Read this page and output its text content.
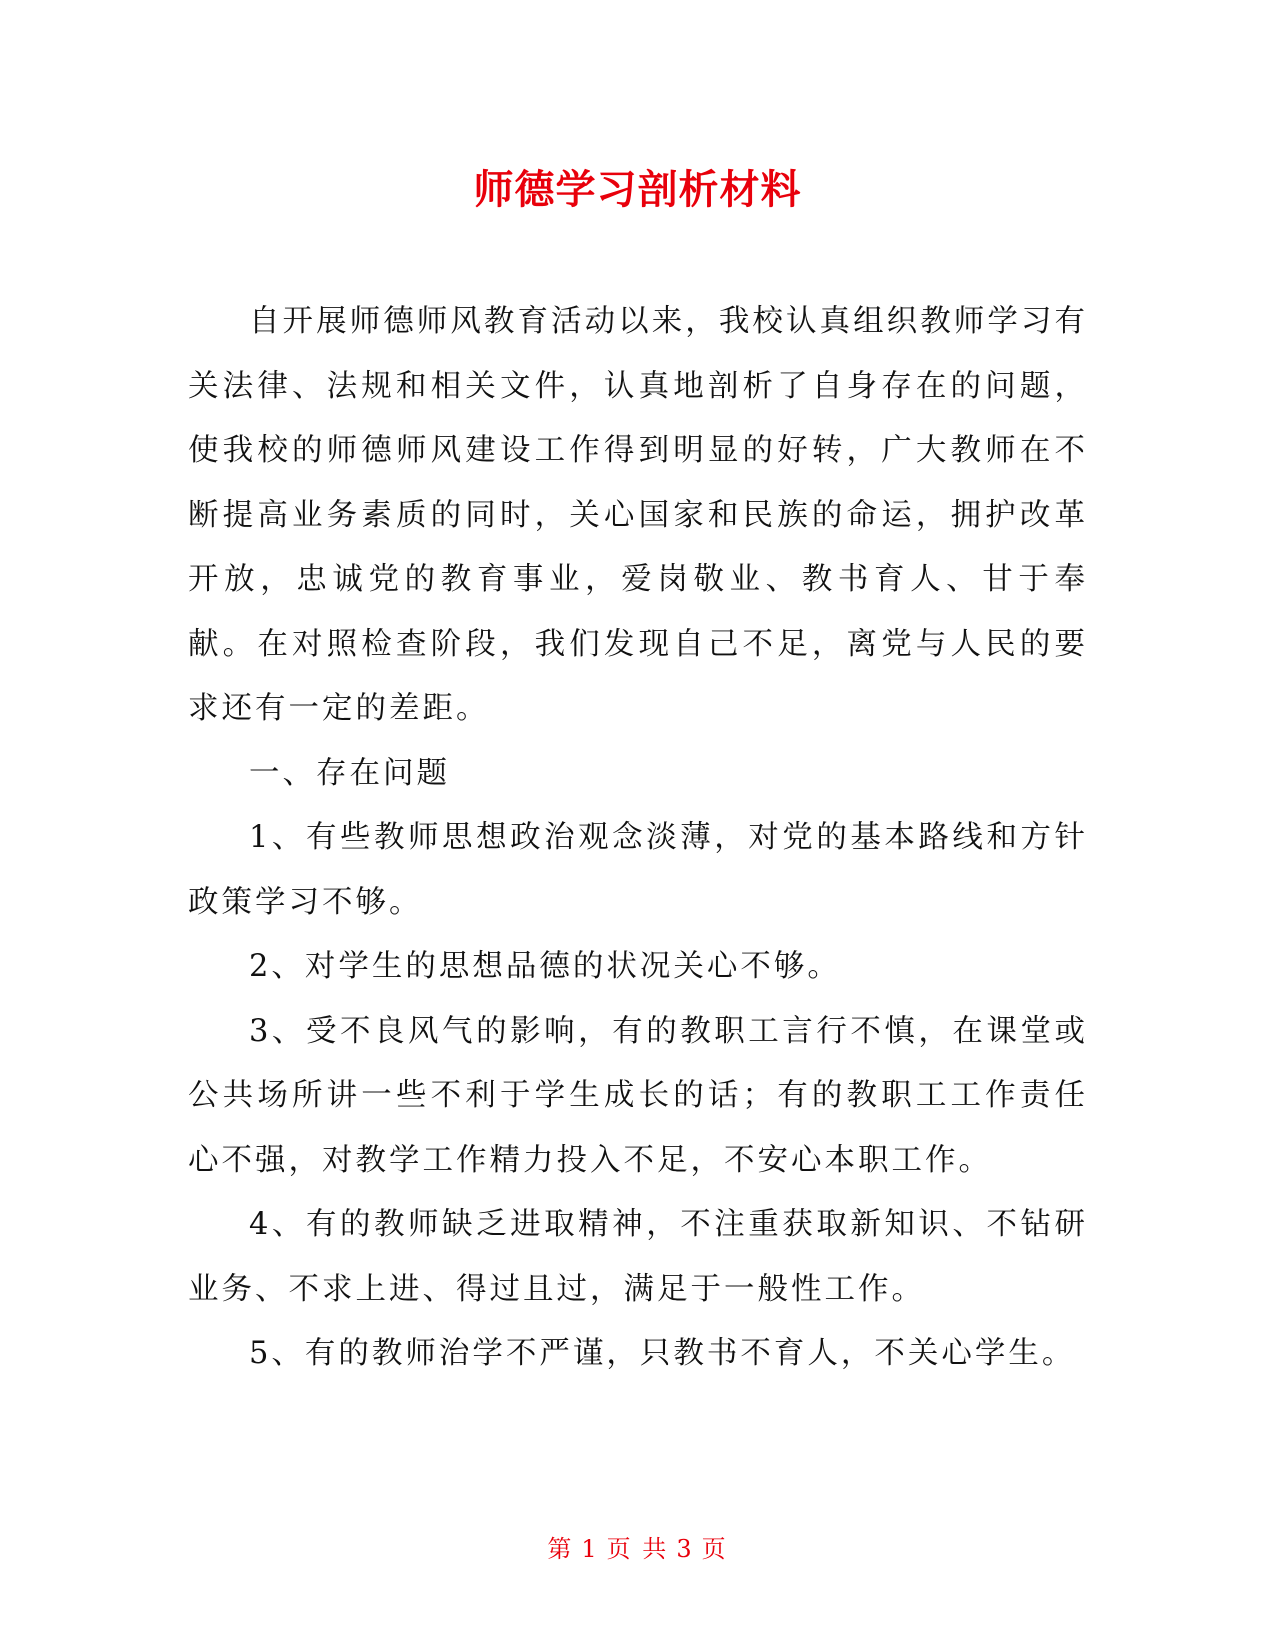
师德学习剖析材料

自开展师德师风教育活动以来，我校认真组织教师学习有关法律、法规和相关文件，认真地剖析了自身存在的问题，使我校的师德师风建设工作得到明显的好转，广大教师在不断提高业务素质的同时，关心国家和民族的命运，拥护改革开放，忠诚党的教育事业，爱岗敬业、教书育人、甘于奉献。在对照检查阶段，我们发现自己不足，离党与人民的要求还有一定的差距。

一、存在问题

1、有些教师思想政治观念淡薄，对党的基本路线和方针政策学习不够。

2、对学生的思想品德的状况关心不够。

3、受不良风气的影响，有的教职工言行不慎，在课堂或公共场所讲一些不利于学生成长的话；有的教职工工作责任心不强，对教学工作精力投入不足，不安心本职工作。

4、有的教师缺乏进取精神，不注重获取新知识、不钻研业务、不求上进、得过且过，满足于一般性工作。

5、有的教师治学不严谨，只教书不育人，不关心学生。

第 1 页 共 3 页
